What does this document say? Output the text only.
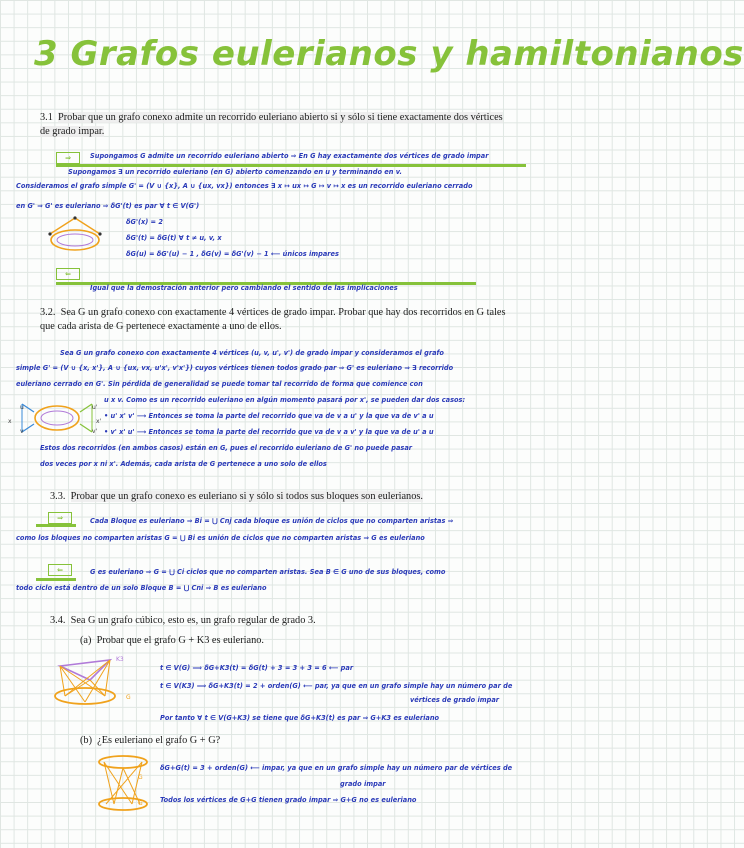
3 Grafos eulerianos y hamiltonianos
3.1 Probar que un grafo conexo admite un recorrido euleriano abierto si y sólo si tiene exactamente dos vértices de grado impar.
⇒	Supongamos G admite un recorrido euleriano abierto ⇒ En G hay exactamente dos vértices de grado impar
Supongamos ∃ un recorrido euleriano (en G) abierto comenzando en u y terminando en v.
Consideramos el grafo simple G' = (V ∪ {x}, A ∪ {ux, vx}) entonces ∃ x ↦ ux ↦ G ↦ v ↦ x es un recorrido euleriano cerrado
en G' ⇒ G' es euleriano ⇒ δG'(t) es par ∀ t ∈ V(G')
δG'(x) = 2
δG'(t) = δG(t) ∀ t ≠ u, v, x
δG(u) = δG'(u) − 1 , δG(v) = δG'(v) − 1 ⟵ únicos impares
⇐
Igual que la demostración anterior pero cambiando el sentido de las implicaciones
3.2. Sea G un grafo conexo con exactamente 4 vértices de grado impar. Probar que hay dos recorridos en G tales que cada arista de G pertenece exactamente a uno de ellos.
Sea G un grafo conexo con exactamente 4 vértices (u, v, u', v') de grado impar y consideramos el grafo
simple G' = (V ∪ {x, x'}, A ∪ {ux, vx, u'x', v'x'}) cuyos vértices tienen todos grado par ⇒ G' es euleriano ⇒ ∃ recorrido
euleriano cerrado en G'. Sin pérdida de generalidad se puede tomar tal recorrido de forma que comience con
u x v. Como es un recorrido euleriano en algún momento pasará por x', se pueden dar dos casos:
• u' x' v' ⟶ Entonces se toma la parte del recorrido que va de v a u' y la que va de v' a u
• v' x' u' ⟶ Entonces se toma la parte del recorrido que va de v a v' y la que va de u' a u
Estos dos recorridos (en ambos casos) están en G, pues el recorrido euleriano de G' no puede pasar
dos veces por x ni x'. Además, cada arista de G pertenece a uno solo de ellos
u
v
u'
v'
x	x'
3.3. Probar que un grafo conexo es euleriano si y sólo si todos sus bloques son eulerianos.
⇒	Cada Bloque es euleriano ⇒ Bi = ⋃ Cnj cada bloque es unión de ciclos que no comparten aristas ⇒
como los bloques no comparten aristas G = ⋃ Bi es unión de ciclos que no comparten aristas ⇒ G es euleriano
⇐	G es euleriano ⇒ G = ⋃ Ci ciclos que no comparten aristas. Sea B ∈ G uno de sus bloques, como
todo ciclo está dentro de un solo Bloque B = ⋃ Cni ⇒ B es euleriano
3.4. Sea G un grafo cúbico, esto es, un grafo regular de grado 3.
(a) Probar que el grafo G + K3 es euleriano.
K3
G
t ∈ V(G) ⟹ δG+K3(t) = δG(t) + 3 = 3 + 3 = 6 ⟵ par
t ∈ V(K3) ⟹ δG+K3(t) = 2 + orden(G) ⟵ par, ya que en un grafo simple hay un número par de
vértices de grado impar
Por tanto ∀ t ∈ V(G+K3) se tiene que δG+K3(t) es par ⇒ G+K3 es euleriano
(b) ¿Es euleriano el grafo G + G?
G
G
δG+G(t) = 3 + orden(G) ⟵ impar, ya que en un grafo simple hay un número par de vértices de
grado impar
Todos los vértices de G+G tienen grado impar ⇒ G+G no es euleriano
